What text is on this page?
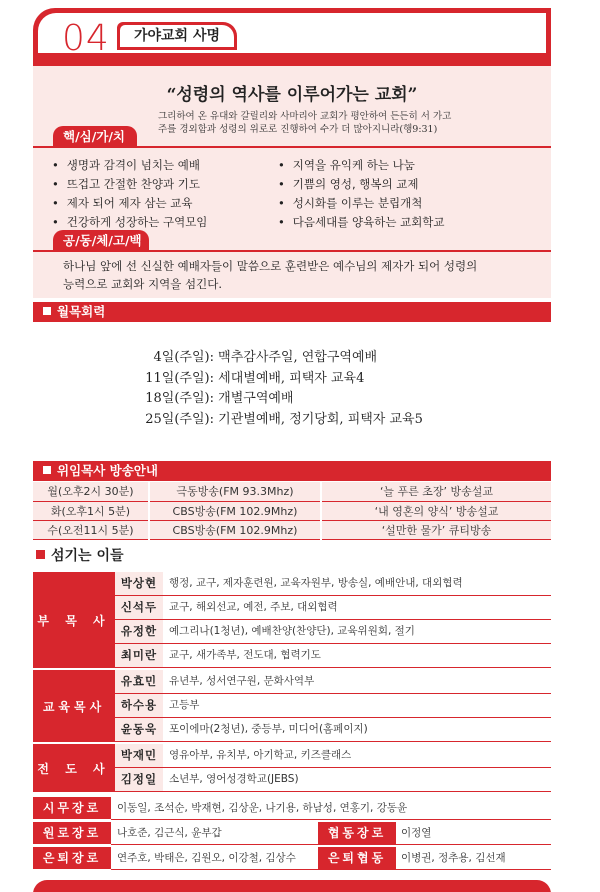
04	가야교회 사명
“성령의 역사를 이루어가는 교회”
그리하여 온 유대와 갈릴리와 사마리아 교회가 평안하여 든든히 서 가고
주를 경외함과 성령의 위로로 진행하여 수가 더 많아지니라(행9:31)
핵/심/가/치
공/동/체/고/백
• 생명과 감격이 넘치는 예배
• 뜨겁고 간절한 찬양과 기도
• 제자 되어 제자 삼는 교육
• 건강하게 성장하는 구역모임
• 지역을 유익케 하는 나눔
• 기쁨의 영성, 행복의 교제
• 성시화를 이루는 분립개척
• 다음세대를 양육하는 교회학교
하나님 앞에 선 신실한 예배자들이 말씀으로 훈련받은 예수님의 제자가 되어 성령의
능력으로 교회와 지역을 섬긴다.
월목회력
4일(주일): 맥추감사주일, 연합구역예배
11일(주일): 세대별예배, 피택자 교육4
18일(주일): 개별구역예배
25일(주일): 기관별예배, 정기당회, 피택자 교육5
위임목사 방송안내
월(오후2시 30분)	극동방송(FM 93.3Mhz)	‘늘 푸른 초장’ 방송설교
화(오후1시 5분)	CBS방송(FM 102.9Mhz)	‘내 영혼의 양식’ 방송설교
수(오전11시 5분)	CBS방송(FM 102.9Mhz)	‘설만한 물가’ 큐티방송
섬기는 이들
부 목 사
박상현	행정, 교구, 제자훈련원, 교육자원부, 방송실, 예배안내, 대외협력
신석두	교구, 해외선교, 예전, 주보, 대외협력
유정한	예그리나(1청년), 예배찬양(찬양단), 교육위원회, 절기
최미란	교구, 새가족부, 전도대, 협력기도
교육목사
유효민	유년부, 성서연구원, 문화사역부
하수용	고등부
윤동욱	포이에마(2청년), 중등부, 미디어(홈페이지)
전 도 사
박재민	영유아부, 유치부, 아기학교, 키즈클래스
김정일	소년부, 영어성경학교(JEBS)
시무장로	이동일, 조석순, 박재현, 김상운, 나기용, 하남성, 연홍기, 강동윤
원로장로	나호준, 김근식, 윤부갑	협동장로	이정열
은퇴장로	연주호, 박태은, 김원오, 이강철, 김상수	은퇴협동	이병권, 정추용, 김선재
